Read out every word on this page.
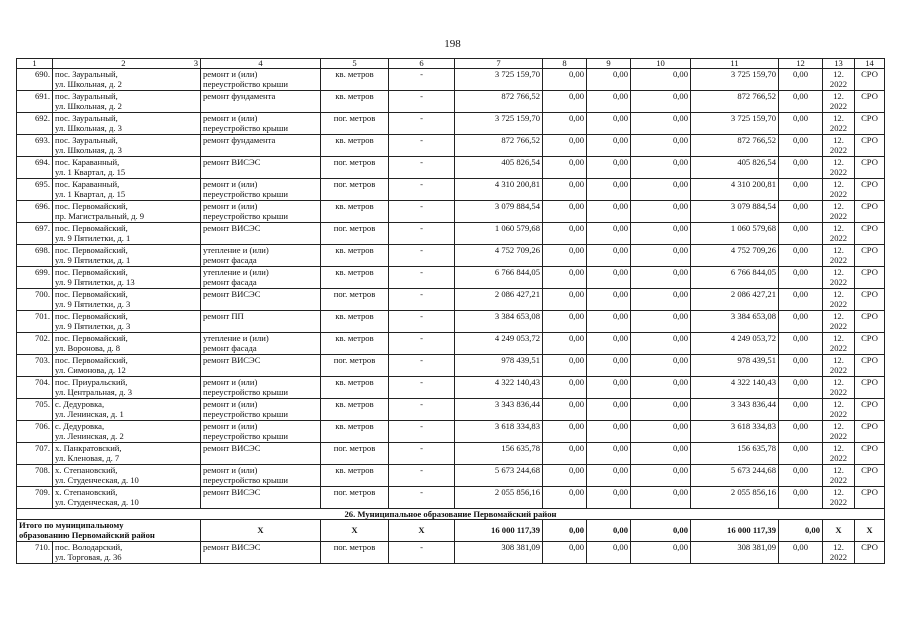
198
1	2 3	4	5	6	7	8	9	10	11	12	13	14
690.	пос. Зауральный,
ул. Школьная, д. 2	ремонт и (или)
переустройство крыши	кв. метров	-	3 725 159,70	0,00	0,00	0,00	3 725 159,70	0,00	12.
2022	СРО
691.	пос. Зауральный,
ул. Школьная, д. 2	ремонт фундамента	кв. метров	-	872 766,52	0,00	0,00	0,00	872 766,52	0,00	12.
2022	СРО
692.	пос. Зауральный,
ул. Школьная, д. 3	ремонт и (или)
переустройство крыши	пог. метров	-	3 725 159,70	0,00	0,00	0,00	3 725 159,70	0,00	12.
2022	СРО
693.	пос. Зауральный,
ул. Школьная, д. 3	ремонт фундамента	кв. метров	-	872 766,52	0,00	0,00	0,00	872 766,52	0,00	12.
2022	СРО
694.	пос. Караванный,
ул. 1 Квартал, д. 15	ремонт ВИСЭС	пог. метров	-	405 826,54	0,00	0,00	0,00	405 826,54	0,00	12.
2022	СРО
695.	пос. Караванный,
ул. 1 Квартал, д. 15	ремонт и (или)
переустройство крыши	пог. метров	-	4 310 200,81	0,00	0,00	0,00	4 310 200,81	0,00	12.
2022	СРО
696.	пос. Первомайский,
пр. Магистральный, д. 9	ремонт и (или)
переустройство крыши	кв. метров	-	3 079 884,54	0,00	0,00	0,00	3 079 884,54	0,00	12.
2022	СРО
697.	пос. Первомайский,
ул. 9 Пятилетки, д. 1	ремонт ВИСЭС	пог. метров	-	1 060 579,68	0,00	0,00	0,00	1 060 579,68	0,00	12.
2022	СРО
698.	пос. Первомайский,
ул. 9 Пятилетки, д. 1	утепление и (или)
ремонт фасада	кв. метров	-	4 752 709,26	0,00	0,00	0,00	4 752 709,26	0,00	12.
2022	СРО
699.	пос. Первомайский,
ул. 9 Пятилетки, д. 13	утепление и (или)
ремонт фасада	кв. метров	-	6 766 844,05	0,00	0,00	0,00	6 766 844,05	0,00	12.
2022	СРО
700.	пос. Первомайский,
ул. 9 Пятилетки, д. 3	ремонт ВИСЭС	пог. метров	-	2 086 427,21	0,00	0,00	0,00	2 086 427,21	0,00	12.
2022	СРО
701.	пос. Первомайский,
ул. 9 Пятилетки, д. 3	ремонт ПП	кв. метров	-	3 384 653,08	0,00	0,00	0,00	3 384 653,08	0,00	12.
2022	СРО
702.	пос. Первомайский,
ул. Воронова, д. 8	утепление и (или)
ремонт фасада	кв. метров	-	4 249 053,72	0,00	0,00	0,00	4 249 053,72	0,00	12.
2022	СРО
703.	пос. Первомайский,
ул. Симонова, д. 12	ремонт ВИСЭС	пог. метров	-	978 439,51	0,00	0,00	0,00	978 439,51	0,00	12.
2022	СРО
704.	пос. Приуральский,
ул. Центральная, д. 3	ремонт и (или)
переустройство крыши	кв. метров	-	4 322 140,43	0,00	0,00	0,00	4 322 140,43	0,00	12.
2022	СРО
705.	с. Дедуровка,
ул. Ленинская, д. 1	ремонт и (или)
переустройство крыши	кв. метров	-	3 343 836,44	0,00	0,00	0,00	3 343 836,44	0,00	12.
2022	СРО
706.	с. Дедуровка,
ул. Ленинская, д. 2	ремонт и (или)
переустройство крыши	кв. метров	-	3 618 334,83	0,00	0,00	0,00	3 618 334,83	0,00	12.
2022	СРО
707.	х. Панкратовский,
ул. Кленовая, д. 7	ремонт ВИСЭС	пог. метров	-	156 635,78	0,00	0,00	0,00	156 635,78	0,00	12.
2022	СРО
708.	х. Степановский,
ул. Студенческая, д. 10	ремонт и (или)
переустройство крыши	кв. метров	-	5 673 244,68	0,00	0,00	0,00	5 673 244,68	0,00	12.
2022	СРО
709.	х. Степановский,
ул. Студенческая, д. 10	ремонт ВИСЭС	пог. метров	-	2 055 856,16	0,00	0,00	0,00	2 055 856,16	0,00	12.
2022	СРО
26. Муниципальное образование Первомайский район												

Итого по муниципальному
образованию Первомайский район		X	X	X	16 000 117,39	0,00	0,00	0,00	16 000 117,39	0,00	X	X
710.	пос. Володарский,
ул. Торговая, д. 36	ремонт ВИСЭС	пог. метров	-	308 381,09	0,00	0,00	0,00	308 381,09	0,00	12.
2022	СРО
